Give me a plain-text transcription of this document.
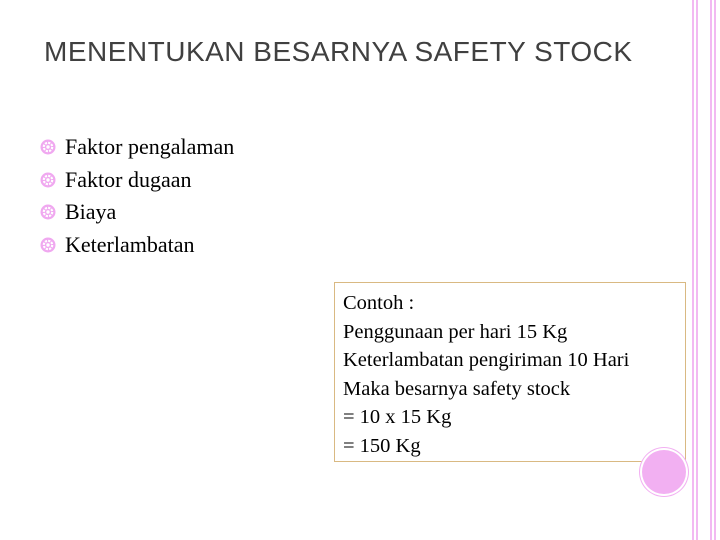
MENENTUKAN BESARNYA SAFETY STOCK
Faktor pengalaman
Faktor dugaan
Biaya
Keterlambatan
Contoh :
Penggunaan per hari 15 Kg
Keterlambatan pengiriman 10 Hari
Maka besarnya safety stock
= 10 x 15 Kg
= 150 Kg
